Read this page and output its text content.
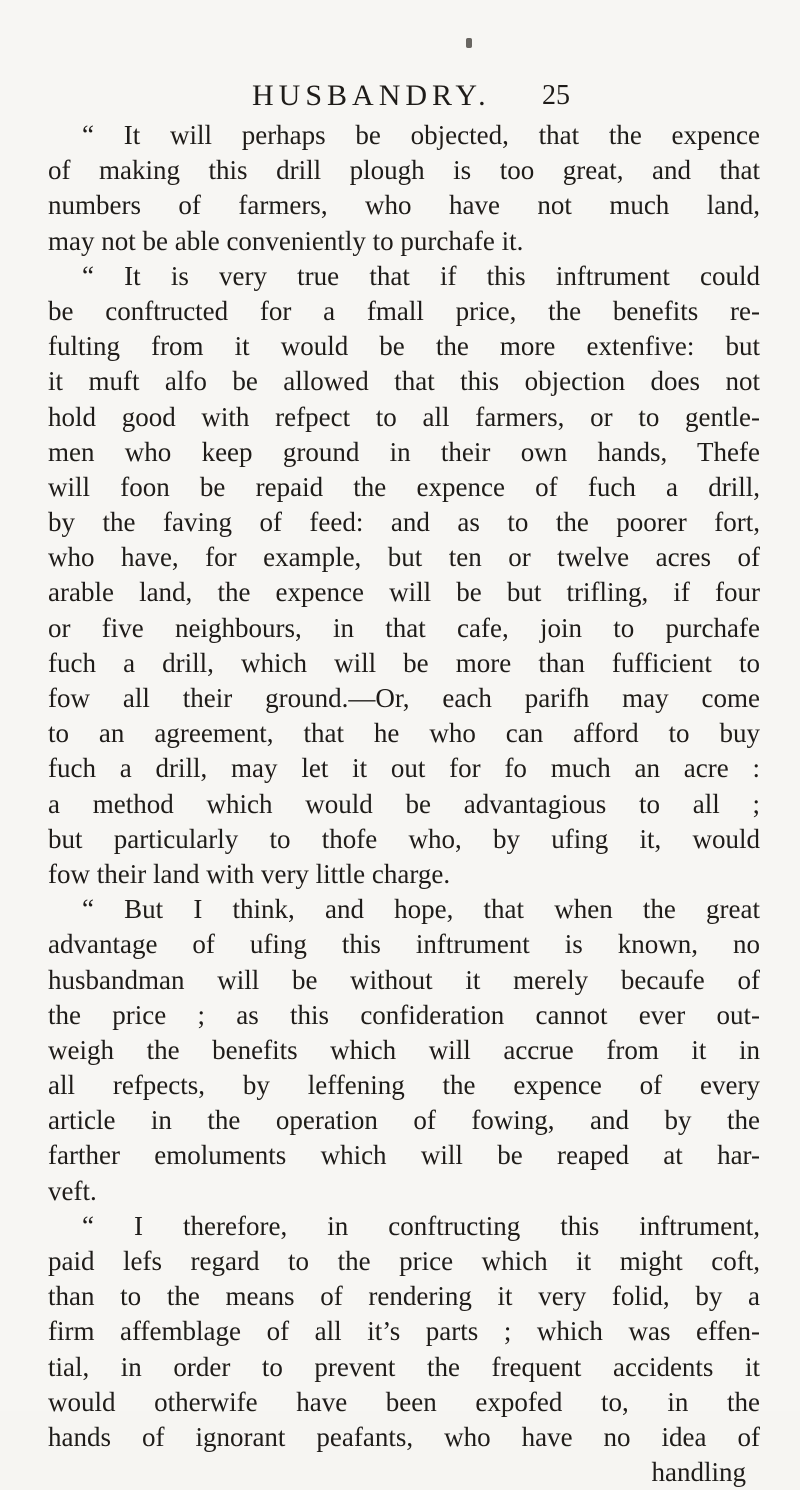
HUSBANDRY. 25
“ It will perhaps be objected, that the expence
of making this drill plough is too great, and that
numbers of farmers, who have not much land,
may not be able conveniently to purchafe it.
“ It is very true that if this inftrument could
be conftructed for a fmall price, the benefits re-
fulting from it would be the more extenfive: but
it muft alfo be allowed that this objection does not
hold good with refpect to all farmers, or to gentle-
men who keep ground in their own hands, Thefe
will foon be repaid the expence of fuch a drill,
by the faving of feed: and as to the poorer fort,
who have, for example, but ten or twelve acres of
arable land, the expence will be but trifling, if four
or five neighbours, in that cafe, join to purchafe
fuch a drill, which will be more than fufficient to
fow all their ground.—Or, each parifh may come
to an agreement, that he who can afford to buy
fuch a drill, may let it out for fo much an acre :
a method which would be advantagious to all ;
but particularly to thofe who, by ufing it, would
fow their land with very little charge.
“ But I think, and hope, that when the great
advantage of ufing this inftrument is known, no
husbandman will be without it merely becaufe of
the price ; as this confideration cannot ever out-
weigh the benefits which will accrue from it in
all refpects, by leffening the expence of every
article in the operation of fowing, and by the
farther emoluments which will be reaped at har-
veft.
“ I therefore, in conftructing this inftrument,
paid lefs regard to the price which it might coft,
than to the means of rendering it very folid, by a
firm affemblage of all it’s parts ; which was effen-
tial, in order to prevent the frequent accidents it
would otherwife have been expofed to, in the
hands of ignorant peafants, who have no idea of
handling
